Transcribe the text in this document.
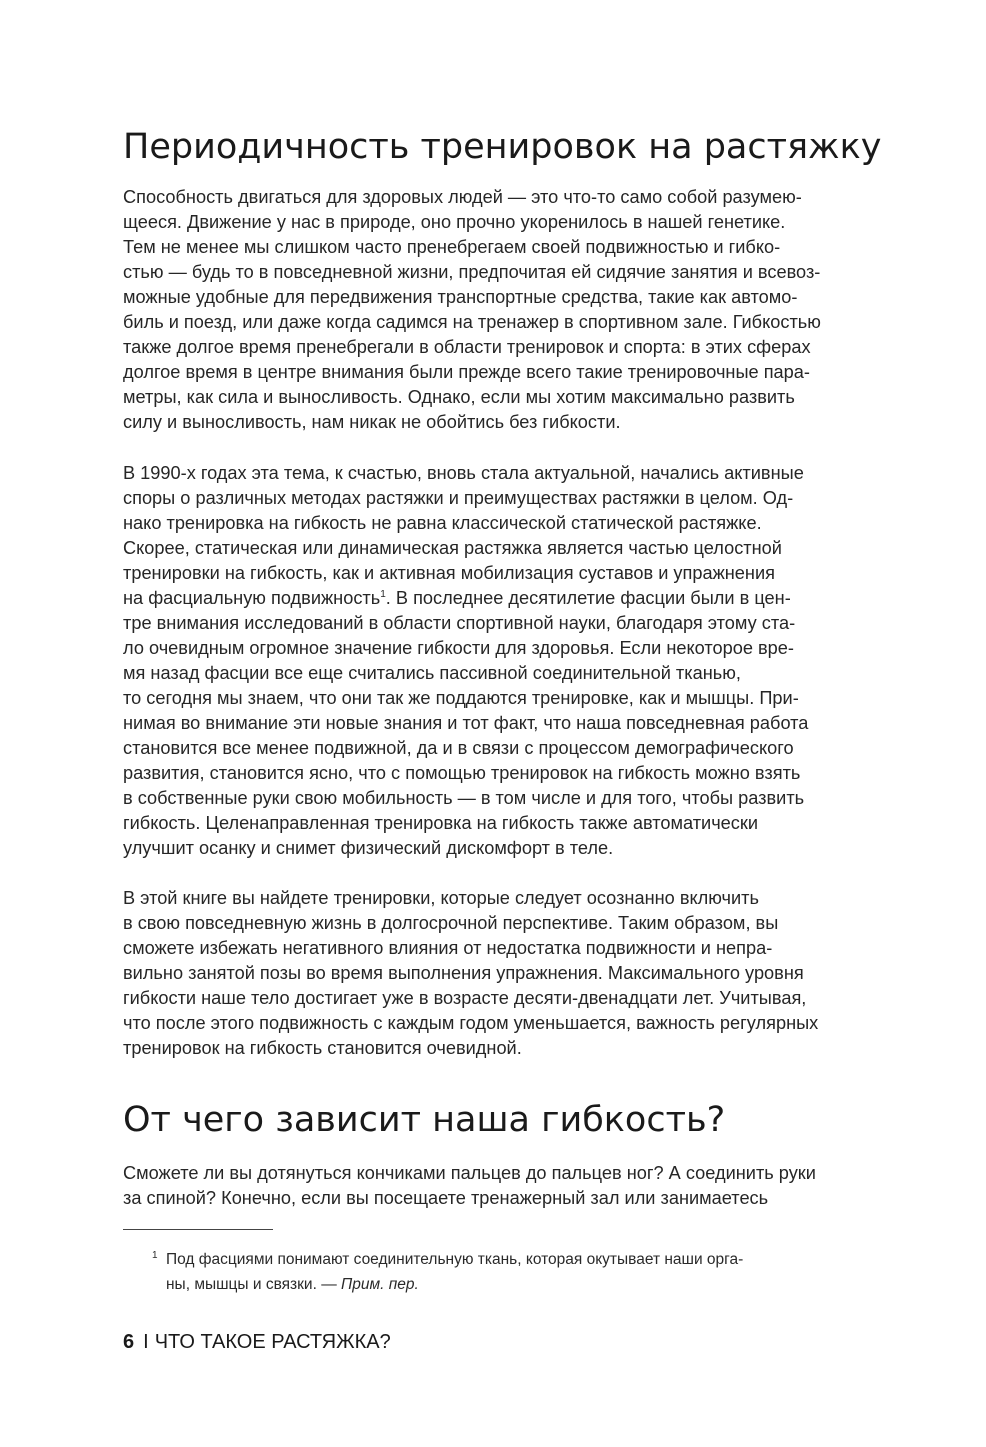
Периодичность тренировок на растяжку
Способность двигаться для здоровых людей — это что-то само собой разумею-
щееся. Движение у нас в природе, оно прочно укоренилось в нашей генетике.
Тем не менее мы слишком часто пренебрегаем своей подвижностью и гибко-
стью — будь то в повседневной жизни, предпочитая ей сидячие занятия и всевоз-
можные удобные для передвижения транспортные средства, такие как автомо-
биль и поезд, или даже когда садимся на тренажер в спортивном зале. Гибкостью
также долгое время пренебрегали в области тренировок и спорта: в этих сферах
долгое время в центре внимания были прежде всего такие тренировочные пара-
метры, как сила и выносливость. Однако, если мы хотим максимально развить
силу и выносливость, нам никак не обойтись без гибкости.
В 1990-х годах эта тема, к счастью, вновь стала актуальной, начались активные
споры о различных методах растяжки и преимуществах растяжки в целом. Од-
нако тренировка на гибкость не равна классической статической растяжке.
Скорее, статическая или динамическая растяжка является частью целостной
тренировки на гибкость, как и активная мобилизация суставов и упражнения
на фасциальную подвижность$^1$. В последнее десятилетие фасции были в цен-
тре внимания исследований в области спортивной науки, благодаря этому ста-
ло очевидным огромное значение гибкости для здоровья. Если некоторое вре-
мя назад фасции все еще считались пассивной соединительной тканью,
то сегодня мы знаем, что они так же поддаются тренировке, как и мышцы. При-
нимая во внимание эти новые знания и тот факт, что наша повседневная работа
становится все менее подвижной, да и в связи с процессом демографического
развития, становится ясно, что с помощью тренировок на гибкость можно взять
в собственные руки свою мобильность — в том числе и для того, чтобы развить
гибкость. Целенаправленная тренировка на гибкость также автоматически
улучшит осанку и снимет физический дискомфорт в теле.
В этой книге вы найдете тренировки, которые следует осознанно включить
в свою повседневную жизнь в долгосрочной перспективе. Таким образом, вы
сможете избежать негативного влияния от недостатка подвижности и непра-
вильно занятой позы во время выполнения упражнения. Максимального уровня
гибкости наше тело достигает уже в возрасте десяти-двенадцати лет. Учитывая,
что после этого подвижность с каждым годом уменьшается, важность регулярных
тренировок на гибкость становится очевидной.
От чего зависит наша гибкость?
Сможете ли вы дотянуться кончиками пальцев до пальцев ног? А соединить руки
за спиной? Конечно, если вы посещаете тренажерный зал или занимаетесь
1 Под фасциями понимают соединительную ткань, которая окутывает наши орга-
ны, мышцы и связки. — Прим. пер.
6 I ЧТО ТАКОЕ РАСТЯЖКА?
